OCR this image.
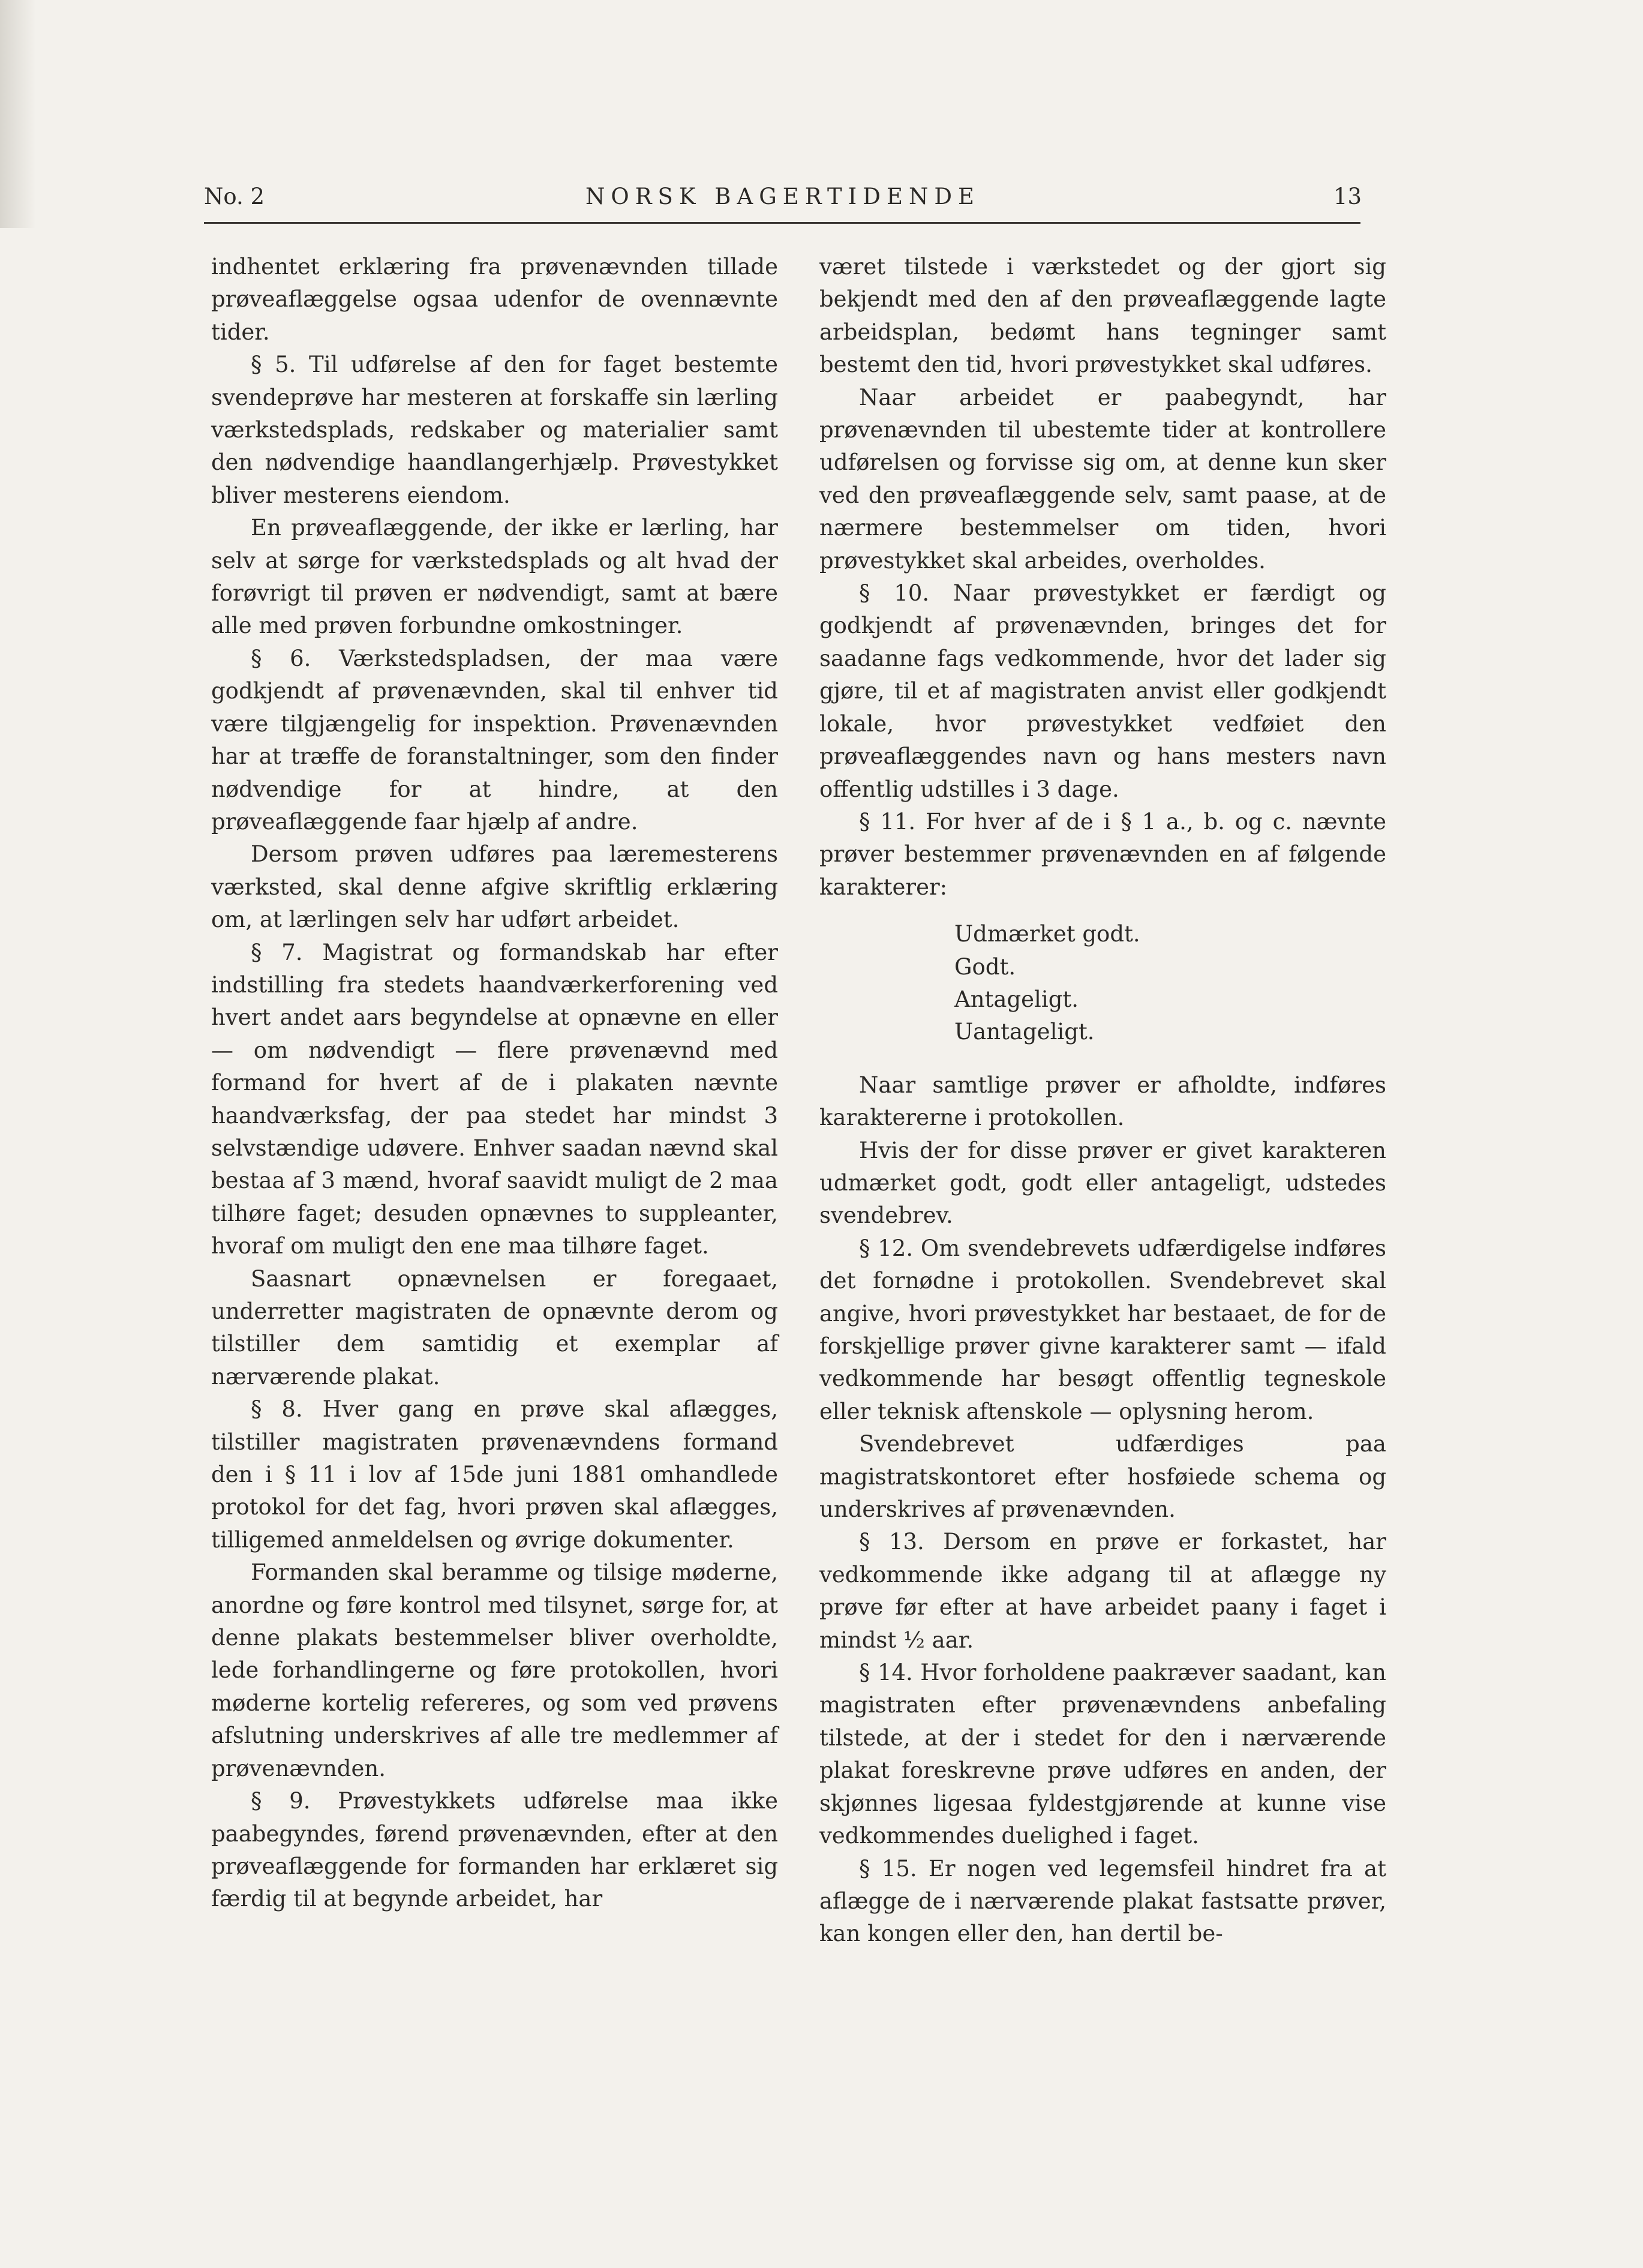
No. 2	NORSK BAGERTIDENDE	13

indhentet erklæring fra prøvenævnden tillade prøveaflæggelse ogsaa udenfor de ovennævnte tider.

§ 5. Til udførelse af den for faget bestemte svendeprøve har mesteren at forskaffe sin lærling værkstedsplads, redskaber og materialier samt den nødvendige haandlangerhjælp. Prøvestykket bliver mesterens eiendom.

En prøveaflæggende, der ikke er lærling, har selv at sørge for værkstedsplads og alt hvad der forøvrigt til prøven er nødvendigt, samt at bære alle med prøven forbundne omkostninger.

§ 6. Værkstedspladsen, der maa være godkjendt af prøvenævnden, skal til enhver tid være tilgjængelig for inspektion. Prøvenævnden har at træffe de foranstaltninger, som den finder nødvendige for at hindre, at den prøveaflæggende faar hjælp af andre.

Dersom prøven udføres paa læremesterens værksted, skal denne afgive skriftlig erklæring om, at lærlingen selv har udført arbeidet.

§ 7. Magistrat og formandskab har efter indstilling fra stedets haandværkerforening ved hvert andet aars begyndelse at opnævne en eller — om nødvendigt — flere prøvenævnd med formand for hvert af de i plakaten nævnte haandværksfag, der paa stedet har mindst 3 selvstændige udøvere. Enhver saadan nævnd skal bestaa af 3 mænd, hvoraf saavidt muligt de 2 maa tilhøre faget; desuden opnævnes to suppleanter, hvoraf om muligt den ene maa tilhøre faget.

Saasnart opnævnelsen er foregaaet, underretter magistraten de opnævnte derom og tilstiller dem samtidig et exemplar af nærværende plakat.

§ 8. Hver gang en prøve skal aflægges, tilstiller magistraten prøvenævndens formand den i § 11 i lov af 15de juni 1881 omhandlede protokol for det fag, hvori prøven skal aflægges, tilligemed anmeldelsen og øvrige dokumenter.

Formanden skal beramme og tilsige møderne, anordne og føre kontrol med tilsynet, sørge for, at denne plakats bestemmelser bliver overholdte, lede forhandlingerne og føre protokollen, hvori møderne kortelig refereres, og som ved prøvens afslutning underskrives af alle tre medlemmer af prøvenævnden.

§ 9. Prøvestykkets udførelse maa ikke paabegyndes, førend prøvenævnden, efter at den prøveaflæggende for formanden har erklæret sig færdig til at begynde arbeidet, har

været tilstede i værkstedet og der gjort sig bekjendt med den af den prøveaflæggende lagte arbeidsplan, bedømt hans tegninger samt bestemt den tid, hvori prøvestykket skal udføres.

Naar arbeidet er paabegyndt, har prøvenævnden til ubestemte tider at kontrollere udførelsen og forvisse sig om, at denne kun sker ved den prøveaflæggende selv, samt paase, at de nærmere bestemmelser om tiden, hvori prøvestykket skal arbeides, overholdes.

§ 10. Naar prøvestykket er færdigt og godkjendt af prøvenævnden, bringes det for saadanne fags vedkommende, hvor det lader sig gjøre, til et af magistraten anvist eller godkjendt lokale, hvor prøvestykket vedføiet den prøveaflæggendes navn og hans mesters navn offentlig udstilles i 3 dage.

§ 11. For hver af de i § 1 a., b. og c. nævnte prøver bestemmer prøvenævnden en af følgende karakterer:

Udmærket godt.
Godt.
Antageligt.
Uantageligt.

Naar samtlige prøver er afholdte, indføres karaktererne i protokollen.

Hvis der for disse prøver er givet karakteren udmærket godt, godt eller antageligt, udstedes svendebrev.

§ 12. Om svendebrevets udfærdigelse indføres det fornødne i protokollen. Svendebrevet skal angive, hvori prøvestykket har bestaaet, de for de forskjellige prøver givne karakterer samt — ifald vedkommende har besøgt offentlig tegneskole eller teknisk aftenskole — oplysning herom.

Svendebrevet udfærdiges paa magistratskontoret efter hosføiede schema og underskrives af prøvenævnden.

§ 13. Dersom en prøve er forkastet, har vedkommende ikke adgang til at aflægge ny prøve før efter at have arbeidet paany i faget i mindst ½ aar.

§ 14. Hvor forholdene paakræver saadant, kan magistraten efter prøvenævndens anbefaling tilstede, at der i stedet for den i nærværende plakat foreskrevne prøve udføres en anden, der skjønnes ligesaa fyldestgjørende at kunne vise vedkommendes duelighed i faget.

§ 15. Er nogen ved legemsfeil hindret fra at aflægge de i nærværende plakat fastsatte prøver, kan kongen eller den, han dertil be-
